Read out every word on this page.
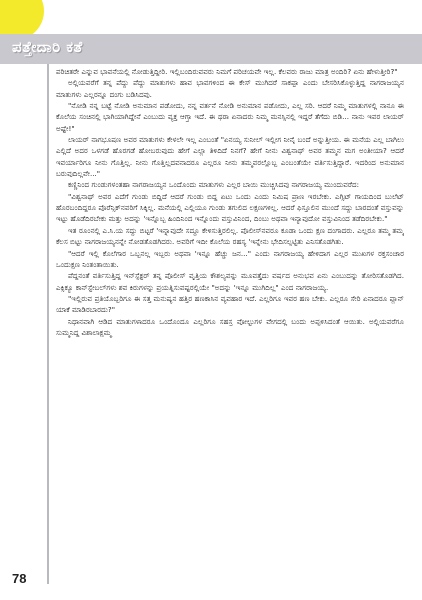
ಪತ್ತೇದಾರಿ ಕತೆ

ಪರಿಚಿತರೇ ಎನ್ನುವ ಭಾವನೆಯಲ್ಲಿ ನೋಡುತ್ತಿದ್ದೀರಿ. ಇಲ್ಲಿಬಂದಿರುವವರು ನಿಮಗೆ ಪರಿಚಯವೇ ಇಲ್ಲ. ಕೆಲವರು ರಾಜು ಮಾತ್ರ ಅಂದಿರಿ? ಏನು ಹೇಳುತ್ತೀರಿ?"

ಅಲ್ಲಿಯವರೆಗೆ ತನ್ನ ಪೆದ್ದು ಪೆದ್ದು ಮಾತುಗಳು ಹಾವ ಭಾವಗಳಿಂದ ಈ ಕೇಸ್ ಮುಗಿದರೆ ಸಾಕಪ್ಪಾ ಎಂದು ಬೇಸರಿಸಿಕೊಳ್ಳುತ್ತಿದ್ದ ನಾಗರಾಜಯ್ಯನ ಮಾತುಗಳು ಎಲ್ಲರನ್ನೂ ದಂಗು ಬಡಿಸಿದವು.

"ನೋಡಿ ನನ್ನ ಬಟ್ಟೆ ನೋಡಿ ಅನುಮಾನ ಪಡೋದು, ನನ್ನ ವರ್ತನೆ ನೋಡಿ ಅನುಮಾನ ಪಡೋದು, ಎಲ್ಲ ಸರಿ. ಆದರೆ ನಿಮ್ಮ ಮಾತುಗಳಲ್ಲಿ ನಾನೂ ಈ ಕೊಲೆಯ ಸಂಚಿನಲ್ಲಿ ಭಾಗಿಯಾಗಿದ್ದೇನೆ ಎಂಬುದು ವ್ಯಕ್ತ ಆಗ್ತಾ ಇದೆ. ಈ ಥರಾ ಏನಾದರು ನಿಮ್ಮ ಮನಸ್ಸಿನಲ್ಲಿ ಇದ್ದರೆ ತೆಗೆದು ಬಿಡಿ... ನಾನು ಇವರ ಲಾಯರ್ ಅಷ್ಟೇ!"

ಲಾಯರ್ ನಾಗಭೂಷಣ ಅವರ ಮಾತುಗಳು ಕೇಳಲೇ ಇಲ್ಲ ಎಂಬಂತೆ "ಏನಯ್ಯ ಸುನೀಲ್ ಇಲ್ಲೀಗ ನೀನೈ ಬಂದೆ ಅನ್ನುತ್ತೀಯ. ಈ ಮನೆಯ ಎಲ್ಲ ಬಾಗಿಲು ಎಲ್ಲಿದೆ ಅದರ ಒಳಗಡೆ ಹೊರಗಡೆ ಹೋಬರುವುದು ಹೇಗೆ ಎಲ್ಲಾ ತಿಳಿದಿದೆ ನಿನಗೆ? ಹೇಗೆ ನೀನು ವಿಶ್ವನಾಥ್ ಅವರ ತಮ್ಮನ ಮಗ ಅಂತೀಯಾ? ಆದರೆ ಇವರ್ಯಾರಿಗೂ ನೀನು ಗೊತ್ತಿಲ್ಲ. ನೀನು ಗೊತ್ತಿಲ್ಲದವನಾದರೂ ಎಲ್ಲರೂ ನೀನು ತಮ್ಮವರಲ್ಲೊಬ್ಬ ಎಂಬಂತೆಯೇ ವರ್ತಿಸುತ್ತಿದ್ದಾರೆ. ಇದರಿಂದ ಅನುಮಾನ ಬರುವುದಿಲ್ಲವೇ..."

ಕಣ್ಣಿನಿಂದ ಗುಂಡುಗಳಂತಹಾ ನಾಗರಾಜಯ್ಯನ ಒಂದೊಂದು ಮಾತುಗಳು ಎಲ್ಲರ ಬಾಯಿ ಮುಚ್ಚಿಸಿದವು ನಾಗರಾಜಯ್ಯ ಮುಂದುವರೆದ:

"ವಿಶ್ವನಾಥ್ ಅವರ ಎದೆಗೆ ಗುಂಡು ಬಿದ್ದಿದೆ ಆದರೆ ಗುಂಡು ಬಿದ್ದ ಏಟು ಒಂದು ಎಂದು ನಿಮಿಷ ಪ್ರಾಣ ಇರಬೇಕು. ಎಗ್ಸಿಟ್ ಗಾಯದಿಂದ ಬುಲೆಟ್ ಹೊರಬಂದಿದ್ದರೂ ಪೊರೆನ್ಸಿಕ್‌ನವರಿಗೆ ಸಿಕ್ಕಿಲ್ಲ. ಮನೆಯಲ್ಲಿ ಎಲ್ಲಿಯೂ ಗುಂಡು ತಗುಲಿದ ಲಕ್ಷಣಗಳಿಲ್ಲ. ಆದರೆ ಫಿಸ್ತೂಲಿನ ಮುಂದೆ ಸದ್ದು ಬಾರದಂತೆ ವಸ್ತುವನ್ನು ಇಟ್ಟು ಹೊಡೆದಿರಬೇಕು ಮತ್ತು ಅದನ್ನು 'ಇನ್ನೊಬ್ಬ ಹಿಂದಿನಿಂದ ಇನ್ನೊಂದು ವಸ್ತುವಿನಿಂದ, ದಿಂಬು ಅಥವಾ ಇನ್ಯಾವುದೋ ವಸ್ತುವಿನಿಂದ ತಡೆದಿರಬೇಕು."

ಇತ ರೂಂನಲ್ಲಿ ಎ.ಸಿ.ಯ ಸದ್ದು ಬಿಟ್ಟರೆ 'ಇನ್ನಾವುದೇ ಸದ್ದೂ ಕೇಳಿಸುತ್ತಿರಲಿಲ್ಲ. ಪೊಲೀಸ್‌ನವರೂ ಕೂಡಾ ಒಂದು ಕ್ಷಣ ದಂಗಾದರು. ಎಲ್ಲರೂ ತಮ್ಮ ತಮ್ಮ ಕೆಲಸ ಬಿಟ್ಟು ನಾಗರಾಜಯ್ಯನನ್ನೇ ನೋಡತೊಡಗಿದರು. ಅವರಿಗೆ ಇದೀ ಕೊಲೆಯ ರಹಸ್ಯ 'ಇನ್ನೇನು ಭೇದಿಸಲ್ಪಟ್ಟಿತು ಎನಿಸತೊಡಗಿತು.

"ಆದರೆ ಇಲ್ಲಿ ಕೊಲೆಗಾರ ಒಬ್ಬನಲ್ಲ ಇಬ್ಬರು ಅಥವಾ 'ಇನ್ನೂ ಹೆಚ್ಚು ಜನ..." ಎಂದು ನಾಗರಾಜಯ್ಯ ಹೇಳಿದಾಗ ಎಲ್ಲರ ಮುಖಗಳ ರಕ್ತಸಂಚಾರ ಒಂದುಕ್ಷಣ ನಿಂತಂತಾಯಿತು.

ಪೆದ್ದನಂತೆ ವರ್ತಿಸುತ್ತಿದ್ದ ಇನ್‌ಸ್ಪೆಕ್ಟರ್ ತನ್ನ ಪೊಲೀಸ್ ವೃತ್ತಿಯ ಕೌಶಲ್ಯವನ್ನು ಮೂವತ್ತೈದು ವರ್ಷದ ಅನುಭವ ಏನು ಎಂಬುದನ್ನು ತೋರಿಸತೊಡಗಿದ. ಎಕ್ಸಿಕ್ಯೂ ಕಾನ್‌ಸ್ಟೇಬಲ್‌ಗಳು ಶವ ಕಿರುಗಳನ್ನು ಪ್ರಯತ್ನಿಸುವಷ್ಟರಲ್ಲಿಯೇ "ಅದನ್ನು 'ಇನ್ನೂ ಮುಗಿದಿಲ್ಲ" ಎಂದ ನಾಗರಾಜಯ್ಯ.

"ಇಲ್ಲಿರುವ ಪ್ರತಿಯೊಬ್ಬರಿಗೂ ಈ ಸತ್ತ ಮನುಷ್ಯನ ಹತ್ತಿರ ಹಣಕಾಸಿನ ವ್ಯವಹಾರ ಇದೆ. ಎಲ್ಲರಿಗೂ ಇವರ ಹಣ ಬೇಕು. ಎಲ್ಲರೂ ಸೇರಿ ಏನಾದರೂ ಪ್ಲಾನ್ ಯಾಕೆ ಮಾಡಿರಬಾರದು?"

ನಿಧಾನವಾಗಿ ಆಡಿದ ಮಾತುಗಳಾದರೂ ಒಂದೊಂದೂ ಎಲ್ಲರಿಗೂ ಸಹಸ್ರ ವೋಲ್ಟುಗಳ ವೇಗದಲ್ಲಿ ಬಂದು ಅಪ್ಪಳಿಸಿದಂತೆ ಆಯಿತು. ಅಲ್ಲಿಯವರೆಗೂ ಸುಮ್ಮನಿದ್ದ ವಿಶಾಲಾಕ್ಷಮ್ಮ

78
